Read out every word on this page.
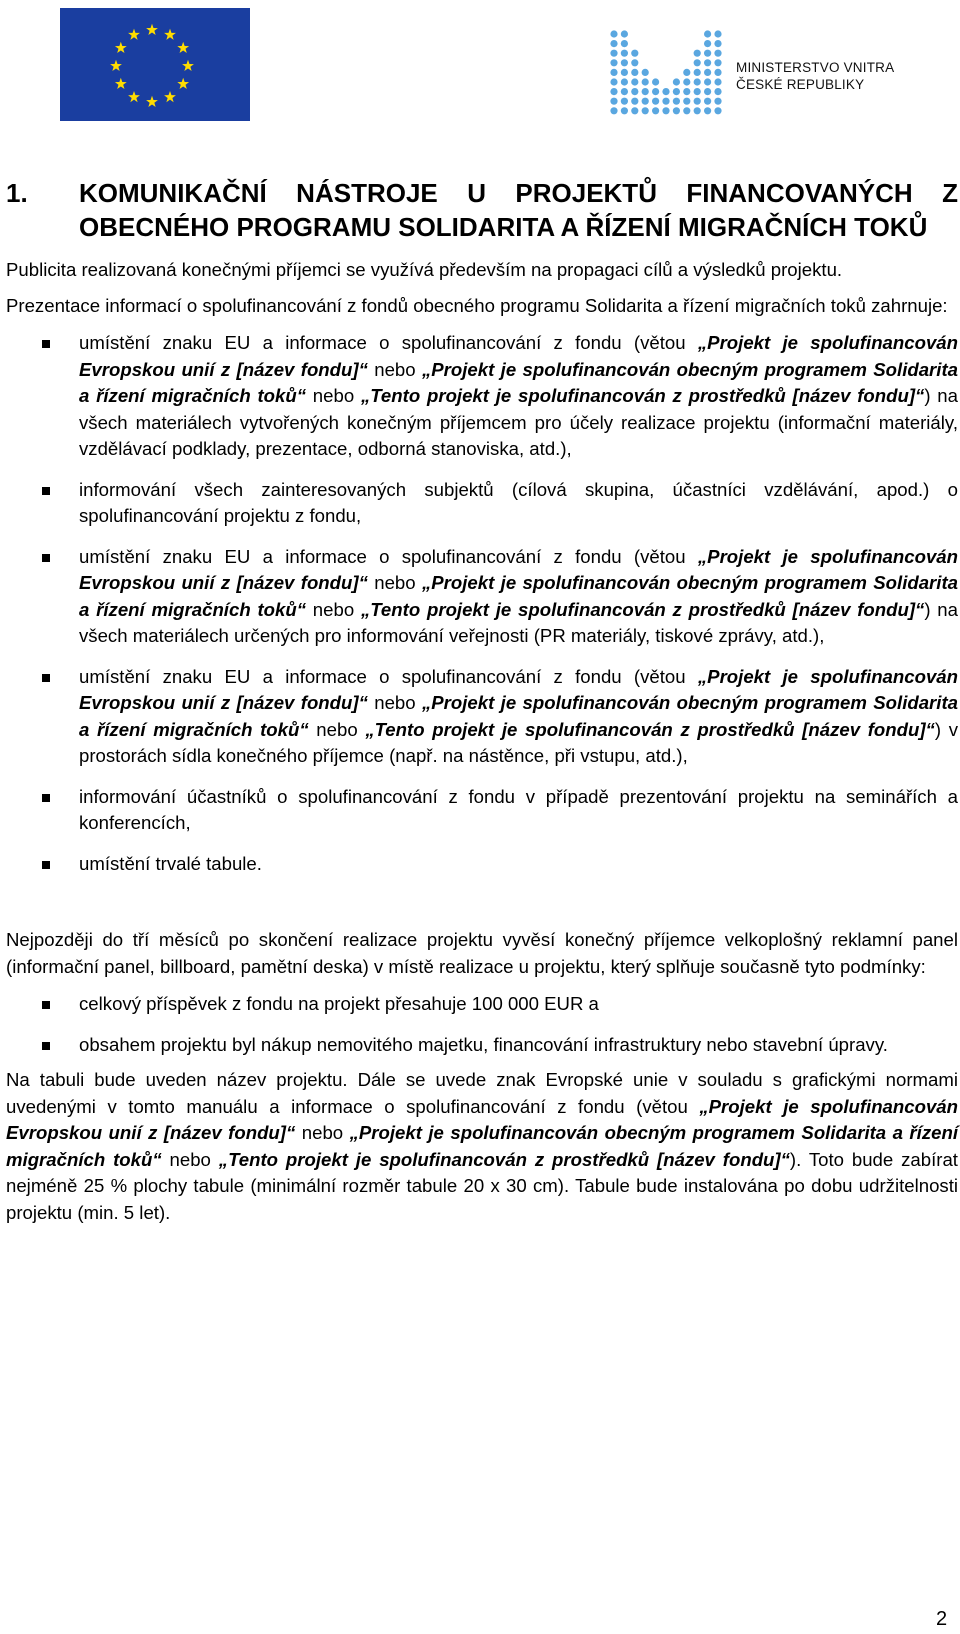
MINISTERSTVO VNITRA
ČESKÉ REPUBLIKY
1.	KOMUNIKAČNÍ NÁSTROJE U PROJEKTŮ FINANCOVANÝCH Z OBECNÉHO PROGRAMU SOLIDARITA A ŘÍZENÍ MIGRAČNÍCH TOKŮ

Publicita realizovaná konečnými příjemci se využívá především na propagaci cílů a výsledků projektu.

Prezentace informací o spolufinancování z fondů obecného programu Solidarita a řízení migračních toků zahrnuje:

umístění znaku EU a informace o spolufinancování z fondu (větou „Projekt je spolufinancován Evropskou unií z [název fondu]“ nebo „Projekt je spolufinancován obecným programem Solidarita a řízení migračních toků“ nebo „Tento projekt je spolufinancován z prostředků [název fondu]“) na všech materiálech vytvořených konečným příjemcem pro účely realizace projektu (informační materiály, vzdělávací podklady, prezentace, odborná stanoviska, atd.),
informování všech zainteresovaných subjektů (cílová skupina, účastníci vzdělávání, apod.) o spolufinancování projektu z fondu,
umístění znaku EU a informace o spolufinancování z fondu (větou „Projekt je spolufinancován Evropskou unií z [název fondu]“ nebo „Projekt je spolufinancován obecným programem Solidarita a řízení migračních toků“ nebo „Tento projekt je spolufinancován z prostředků [název fondu]“) na všech materiálech určených pro informování veřejnosti (PR materiály, tiskové zprávy, atd.),
umístění znaku EU a informace o spolufinancování z fondu (větou „Projekt je spolufinancován Evropskou unií z [název fondu]“ nebo „Projekt je spolufinancován obecným programem Solidarita a řízení migračních toků“ nebo „Tento projekt je spolufinancován z prostředků [název fondu]“) v prostorách sídla konečného příjemce (např. na nástěnce, při vstupu, atd.),
informování účastníků o spolufinancování z fondu v případě prezentování projektu na seminářích a konferencích,
umístění trvalé tabule.

Nejpozději do tří měsíců po skončení realizace projektu vyvěsí konečný příjemce velkoplošný reklamní panel (informační panel, billboard, pamětní deska) v místě realizace u projektu, který splňuje současně tyto podmínky:

celkový příspěvek z fondu na projekt přesahuje 100 000 EUR a
obsahem projektu byl nákup nemovitého majetku, financování infrastruktury nebo stavební úpravy.

Na tabuli bude uveden název projektu. Dále se uvede znak Evropské unie v souladu s grafickými normami uvedenými v tomto manuálu a informace o spolufinancování z fondu (větou „Projekt je spolufinancován Evropskou unií z [název fondu]“ nebo „Projekt je spolufinancován obecným programem Solidarita a řízení migračních toků“ nebo „Tento projekt je spolufinancován z prostředků [název fondu]“). Toto bude zabírat nejméně 25 % plochy tabule (minimální rozměr tabule 20 x 30 cm). Tabule bude instalována po dobu udržitelnosti projektu (min. 5 let).

2
